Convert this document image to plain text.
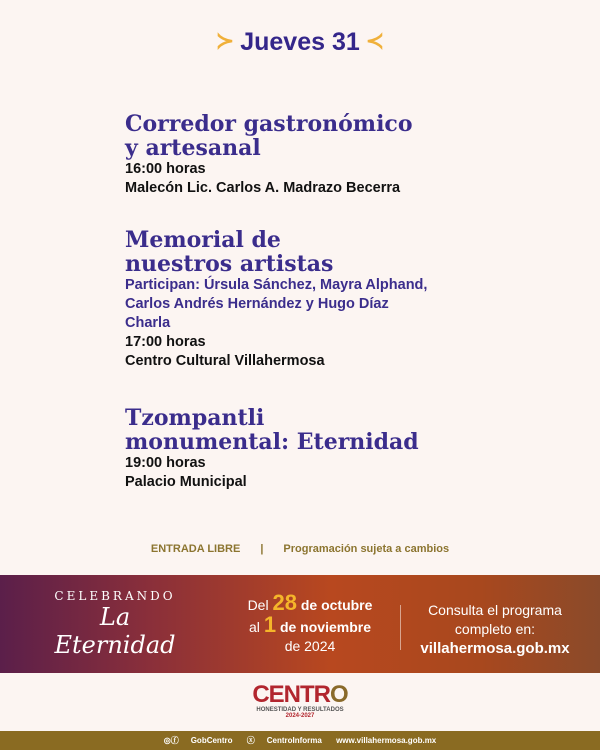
≻ Jueves 31 ≺
Corredor gastronómico
y artesanal
16:00 horas
Malecón Lic. Carlos A. Madrazo Becerra
Memorial de
nuestros artistas
Participan: Úrsula Sánchez, Mayra Alphand,
Carlos Andrés Hernández y Hugo Díaz
Charla
17:00 horas
Centro Cultural Villahermosa
Tzompantli
monumental: Eternidad
19:00 horas
Palacio Municipal
ENTRADA LIBRE | Programación sujeta a cambios
CELEBRANDO
La Eternidad
Del 28 de octubre
al 1 de noviembre
de 2024
Consulta el programa
completo en:
villahermosa.gob.mx
CENTRO
HONESTIDAD Y RESULTADOS
2024-2027
◎ⓕ GobCentro ⓧ CentroInforma www.villahermosa.gob.mx
